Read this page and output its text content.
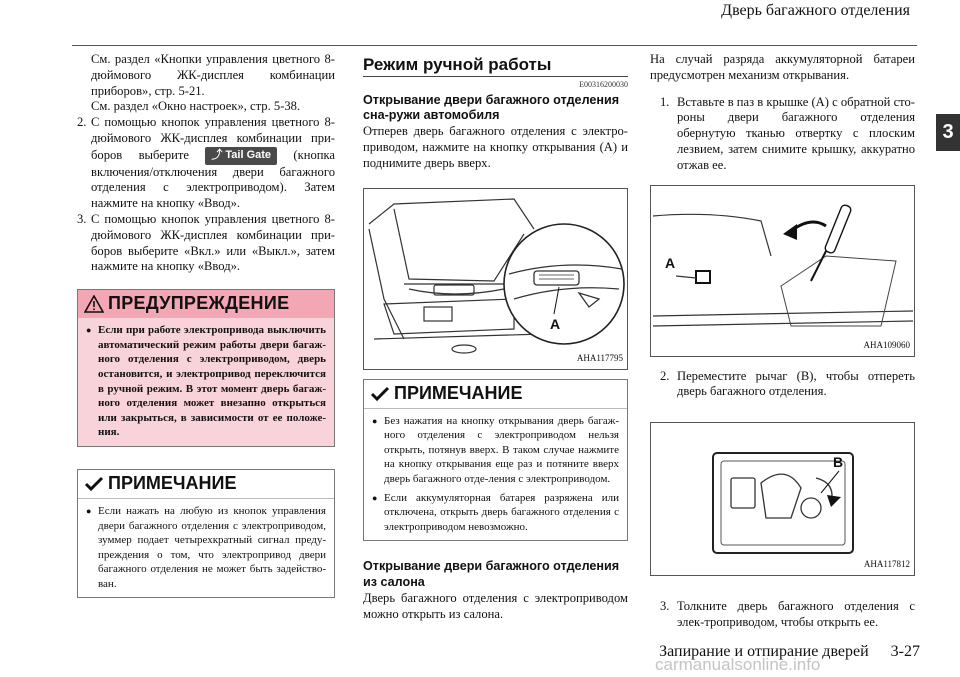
Дверь багажного отделения
3

См. раздел «Кнопки управления цветного 8-дюймового ЖК-дисплея комбинации приборов», стр. 5-21.

См. раздел «Окно настроек», стр. 5-38.

2. С помощью кнопок управления цветного 8-дюймового ЖК-дисплея комбинации при-боров выберите ⤴ Tail Gate (кнопка включения/отключения двери багажного отделения с электроприводом). Затем нажмите на кнопку «Ввод».
3. С помощью кнопок управления цветного 8-дюймового ЖК-дисплея комбинации при-боров выберите «Вкл.» или «Выкл.», затем нажмите на кнопку «Ввод».
ПРЕДУПРЕЖДЕНИЕ
● Если при работе электропривода выключить автоматический режим работы двери багаж-ного отделения с электроприводом, дверь остановится, и электропривод переключится в ручной режим. В этот момент дверь багаж-ного отделения может внезапно открыться или закрыться, в зависимости от ее положе-ния.
ПРИМЕЧАНИЕ
● Если нажать на любую из кнопок управления двери багажного отделения с электроприводом, зуммер подает четырехкратный сигнал преду-преждения о том, что электропривод двери багажного отделения не может быть задейство-ван.
Режим ручной работы
E00316200030
Открывание двери багажного отделения сна-ружи автомобиля

Отперев дверь багажного отделения с электро-приводом, нажмите на кнопку открывания (А) и поднимите дверь вверх.

A
AHA117795
ПРИМЕЧАНИЕ
● Без нажатия на кнопку открывания дверь багаж-ного отделения с электроприводом нельзя открыть, потянув вверх. В таком случае нажмите на кнопку открывания еще раз и потяните вверх дверь багажного отде-ления с электроприводом.
● Если аккумуляторная батарея разряжена или отключена, открыть дверь багажного отделения с электроприводом невозможно.
Открывание двери багажного отделения из салона

Дверь багажного отделения с электроприводом можно открыть из салона.

На случай разряда аккумуляторной батареи предусмотрен механизм открывания.

1. Вставьте в паз в крышке (А) с обратной сто-роны двери багажного отделения обернутую тканью отвертку с плоским лезвием, затем снимите крышку, аккуратно отжав ее.
A
AHA109060
2. Переместите рычаг (В), чтобы отпереть дверь багажного отделения.
B
AHA117812
3. Толкните дверь багажного отделения с элек-троприводом, чтобы открыть ее.
Запирание и отпирание дверей 3-27
carmanualsonline.info
